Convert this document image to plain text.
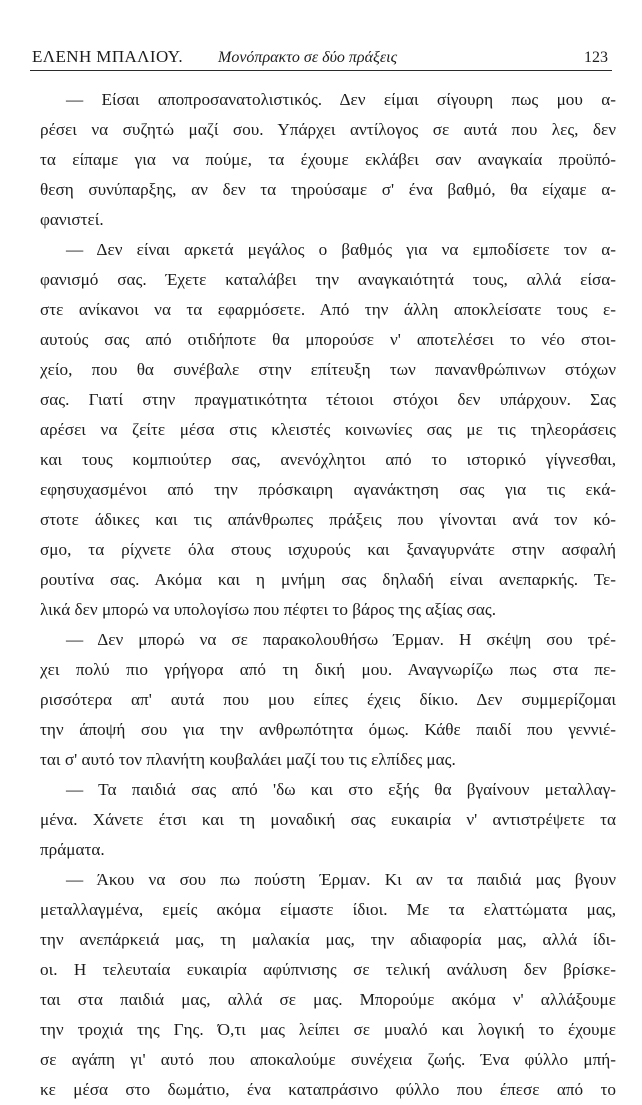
ΕΛΕΝΗ ΜΠΑΛΙΟΥ. Μονόπρακτο σε δύο πράξεις	123
— Είσαι αποπροσανατολιστικός. Δεν είμαι σίγουρη πως μου α-
ρέσει να συζητώ μαζί σου. Υπάρχει αντίλογος σε αυτά που λες, δεν
τα είπαμε για να πούμε, τα έχουμε εκλάβει σαν αναγκαία προϋπό-
θεση συνύπαρξης, αν δεν τα τηρούσαμε σ' ένα βαθμό, θα είχαμε α-
φανιστεί.
— Δεν είναι αρκετά μεγάλος ο βαθμός για να εμποδίσετε τον α-
φανισμό σας. Έχετε καταλάβει την αναγκαιότητά τους, αλλά είσα-
στε ανίκανοι να τα εφαρμόσετε. Από την άλλη αποκλείσατε τους ε-
αυτούς σας από οτιδήποτε θα μπορούσε ν' αποτελέσει το νέο στοι-
χείο, που θα συνέβαλε στην επίτευξη των πανανθρώπινων στόχων
σας. Γιατί στην πραγματικότητα τέτοιοι στόχοι δεν υπάρχουν. Σας
αρέσει να ζείτε μέσα στις κλειστές κοινωνίες σας με τις τηλεοράσεις
και τους κομπιούτερ σας, ανενόχλητοι από το ιστορικό γίγνεσθαι,
εφησυχασμένοι από την πρόσκαιρη αγανάκτηση σας για τις εκά-
στοτε άδικες και τις απάνθρωπες πράξεις που γίνονται ανά τον κό-
σμο, τα ρίχνετε όλα στους ισχυρούς και ξαναγυρνάτε στην ασφαλή
ρουτίνα σας. Ακόμα και η μνήμη σας δηλαδή είναι ανεπαρκής. Τε-
λικά δεν μπορώ να υπολογίσω που πέφτει το βάρος της αξίας σας.
— Δεν μπορώ να σε παρακολουθήσω Έρμαν. Η σκέψη σου τρέ-
χει πολύ πιο γρήγορα από τη δική μου. Αναγνωρίζω πως στα πε-
ρισσότερα απ' αυτά που μου είπες έχεις δίκιο. Δεν συμμερίζομαι
την άποψή σου για την ανθρωπότητα όμως. Κάθε παιδί που γεννιέ-
ται σ' αυτό τον πλανήτη κουβαλάει μαζί του τις ελπίδες μας.
— Τα παιδιά σας από 'δω και στο εξής θα βγαίνουν μεταλλαγ-
μένα. Χάνετε έτσι και τη μοναδική σας ευκαιρία ν' αντιστρέψετε τα
πράματα.
— Άκου να σου πω πούστη Έρμαν. Κι αν τα παιδιά μας βγουν
μεταλλαγμένα, εμείς ακόμα είμαστε ίδιοι. Με τα ελαττώματα μας,
την ανεπάρκειά μας, τη μαλακία μας, την αδιαφορία μας, αλλά ίδι-
οι. Η τελευταία ευκαιρία αφύπνισης σε τελική ανάλυση δεν βρίσκε-
ται στα παιδιά μας, αλλά σε μας. Μπορούμε ακόμα ν' αλλάξουμε
την τροχιά της Γης. Ό,τι μας λείπει σε μυαλό και λογική το έχουμε
σε αγάπη γι' αυτό που αποκαλούμε συνέχεια ζωής. Ένα φύλλο μπή-
κε μέσα στο δωμάτιο, ένα καταπράσινο φύλλο που έπεσε από το
